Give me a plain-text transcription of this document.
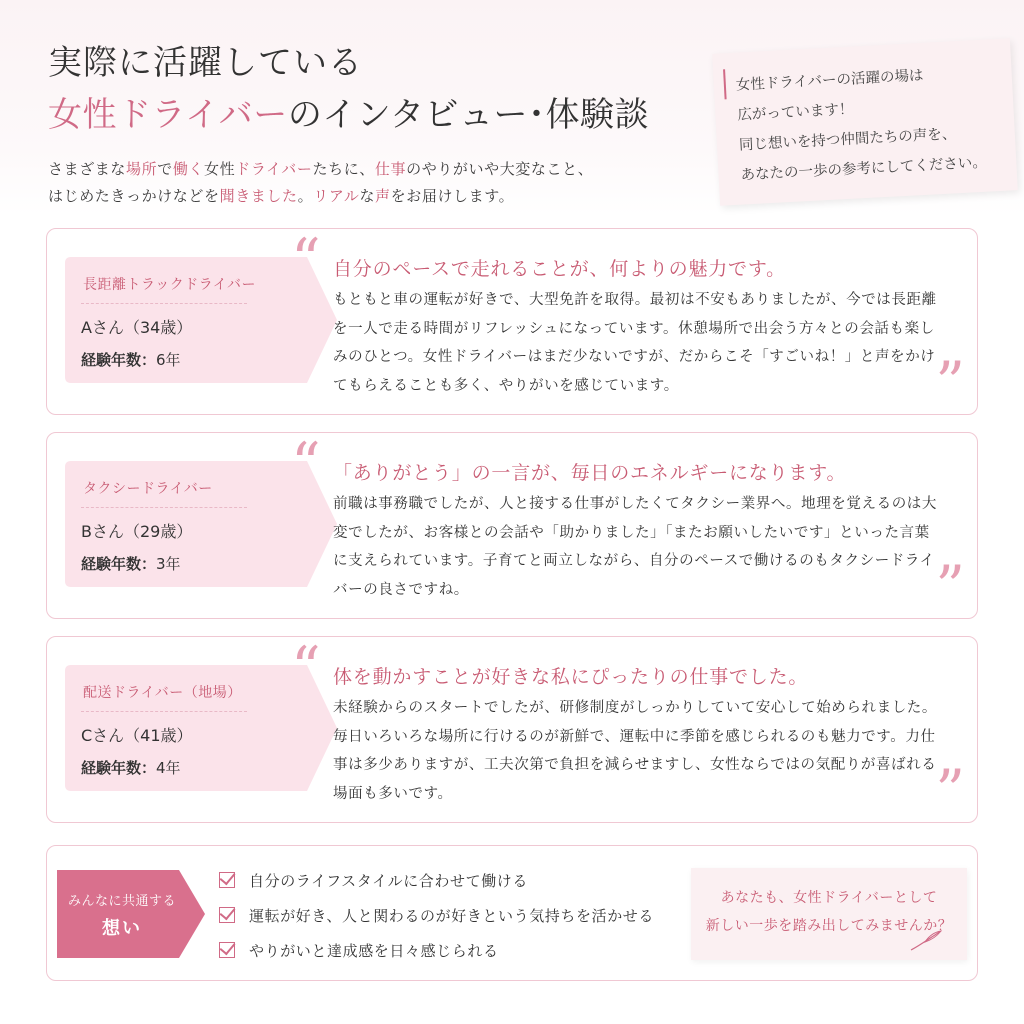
実際に活躍している
女性ドライバーのインタビュー･体験談
さまざまな場所で働く女性ドライバーたちに、仕事のやりがいや大変なこと、
はじめたきっかけなどを聞きました。リアルな声をお届けします。
女性ドライバーの活躍の場は
広がっています！
同じ想いを持つ仲間たちの声を、
あなたの一歩の参考にしてください。
長距離トラックドライバー
Aさん（34歳）
経験年数：6年
“ 自分のペースで走れることが、何よりの魅力です。
もともと車の運転が好きで、大型免許を取得。最初は不安もありましたが、今では長距離を一人で走る時間がリフレッシュになっています。休憩場所で出会う方々との会話も楽しみのひとつ。女性ドライバーはまだ少ないですが、だからこそ「すごいね！」と声をかけてもらえることも多く、やりがいを感じています。	”
タクシードライバー
Bさん（29歳）
経験年数：3年
“ 「ありがとう」の一言が、毎日のエネルギーになります。
前職は事務職でしたが、人と接する仕事がしたくてタクシー業界へ。地理を覚えるのは大変でしたが、お客様との会話や「助かりました」「またお願いしたいです」といった言葉に支えられています。子育てと両立しながら、自分のペースで働けるのもタクシードライバーの良さですね。	”
配送ドライバー（地場）
Cさん（41歳）
経験年数：4年
“ 体を動かすことが好きな私にぴったりの仕事でした。
未経験からのスタートでしたが、研修制度がしっかりしていて安心して始められました。毎日いろいろな場所に行けるのが新鮮で、運転中に季節を感じられるのも魅力です。力仕事は多少ありますが、工夫次第で負担を減らせますし、女性ならではの気配りが喜ばれる場面も多いです。	”
みんなに共通する
想い
自分のライフスタイルに合わせて働ける
運転が好き、人と関わるのが好きという気持ちを活かせる
やりがいと達成感を日々感じられる
あなたも、女性ドライバーとして
新しい一歩を踏み出してみませんか？
